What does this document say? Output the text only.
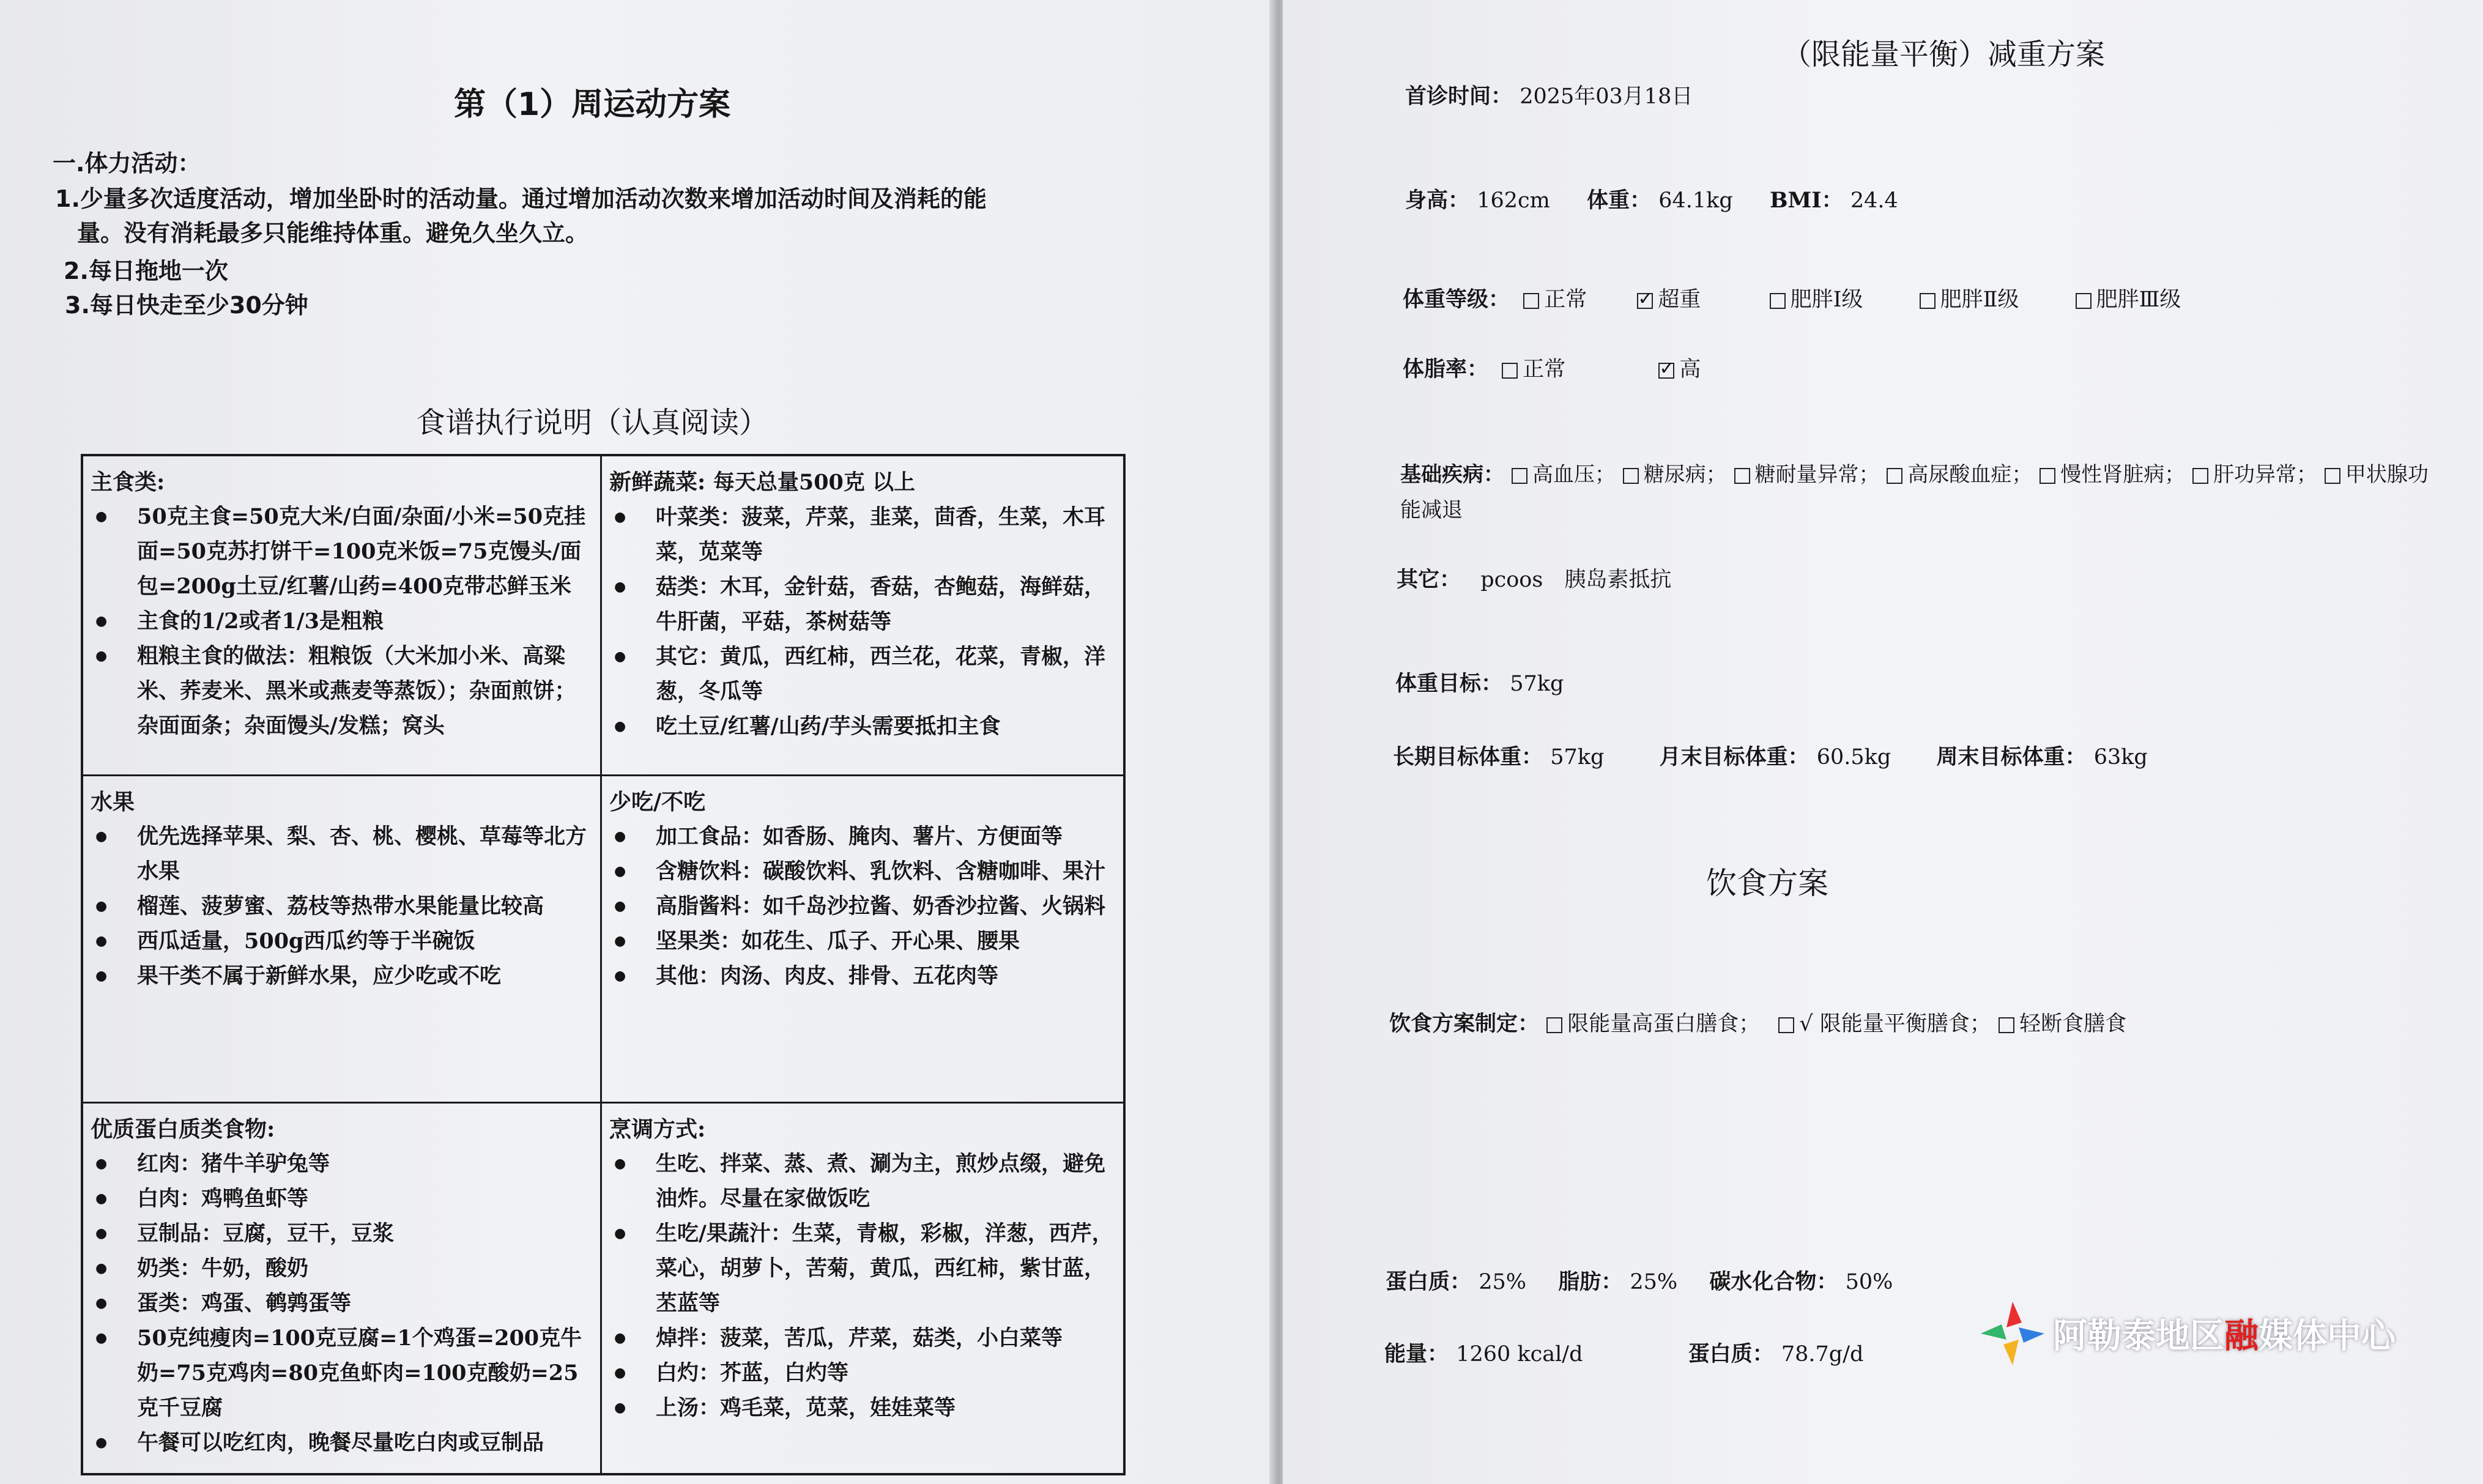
第（1）周运动方案
一.体力活动：
1.少量多次适度活动，增加坐卧时的活动量。通过增加活动次数来增加活动时间及消耗的能
量。没有消耗最多只能维持体重。避免久坐久立。
2.每日拖地一次
3.每日快走至少30分钟
食谱执行说明（认真阅读）
主食类:
● 50克主食=50克大米/白面/杂面/小米=50克挂面=50克苏打饼干=100克米饭=75克馒头/面包=200g土豆/红薯/山药=400克带芯鲜玉米
● 主食的1/2或者1/3是粗粮
● 粗粮主食的做法：粗粮饭（大米加小米、高粱米、荞麦米、黑米或燕麦等蒸饭）；杂面煎饼；杂面面条；杂面馒头/发糕；窝头
新鲜蔬菜: 每天总量500克 以上
● 叶菜类：菠菜，芹菜，韭菜，茴香，生菜，木耳菜，苋菜等
● 菇类：木耳，金针菇，香菇，杏鲍菇，海鲜菇，牛肝菌，平菇，茶树菇等
● 其它：黄瓜，西红柿，西兰花，花菜，青椒，洋葱，冬瓜等
● 吃土豆/红薯/山药/芋头需要抵扣主食
水果
● 优先选择苹果、梨、杏、桃、樱桃、草莓等北方水果
● 榴莲、菠萝蜜、荔枝等热带水果能量比较高
● 西瓜适量，500g西瓜约等于半碗饭
● 果干类不属于新鲜水果，应少吃或不吃
少吃/不吃
● 加工食品：如香肠、腌肉、薯片、方便面等
● 含糖饮料：碳酸饮料、乳饮料、含糖咖啡、果汁
● 高脂酱料：如千岛沙拉酱、奶香沙拉酱、火锅料
● 坚果类：如花生、瓜子、开心果、腰果
● 其他：肉汤、肉皮、排骨、五花肉等
优质蛋白质类食物:
● 红肉：猪牛羊驴兔等
● 白肉：鸡鸭鱼虾等
● 豆制品：豆腐，豆干，豆浆
● 奶类：牛奶，酸奶
● 蛋类：鸡蛋、鹌鹑蛋等
● 50克纯瘦肉=100克豆腐=1个鸡蛋=200克牛奶=75克鸡肉=80克鱼虾肉=100克酸奶=25克千豆腐
● 午餐可以吃红肉，晚餐尽量吃白肉或豆制品
烹调方式:
● 生吃、拌菜、蒸、煮、涮为主，煎炒点缀，避免油炸。尽量在家做饭吃
● 生吃/果蔬汁：生菜，青椒，彩椒，洋葱，西芹，菜心，胡萝卜，苦菊，黄瓜，西红柿，紫甘蓝，苤蓝等
● 焯拌：菠菜，苦瓜，芹菜，菇类，小白菜等
● 白灼：芥蓝，白灼等
● 上汤：鸡毛菜，苋菜，娃娃菜等
（限能量平衡）减重方案
首诊时间： 2025年03月18日
身高： 162cm 体重： 64.1kg BMI： 24.4
体重等级： 正常 ✓	超重	肥胖Ⅰ级	肥胖Ⅱ级	肥胖Ⅲ级
体脂率： 正常 ✓	高
基础疾病： 高血压； 糖尿病； 糖耐量异常； 高尿酸血症； 慢性肾脏病； 肝功异常； 甲状腺功
能减退
其它： pcoos　胰岛素抵抗
体重目标： 57kg
长期目标体重： 57kg	月末目标体重： 60.5kg 周末目标体重： 63kg
饮食方案
饮食方案制定： 限能量高蛋白膳食； √ 限能量平衡膳食； 轻断食膳食
蛋白质： 25% 脂肪： 25% 碳水化合物： 50%
能量： 1260 kcal/d	蛋白质： 78.7g/d	阿勒泰地区融媒体中心
